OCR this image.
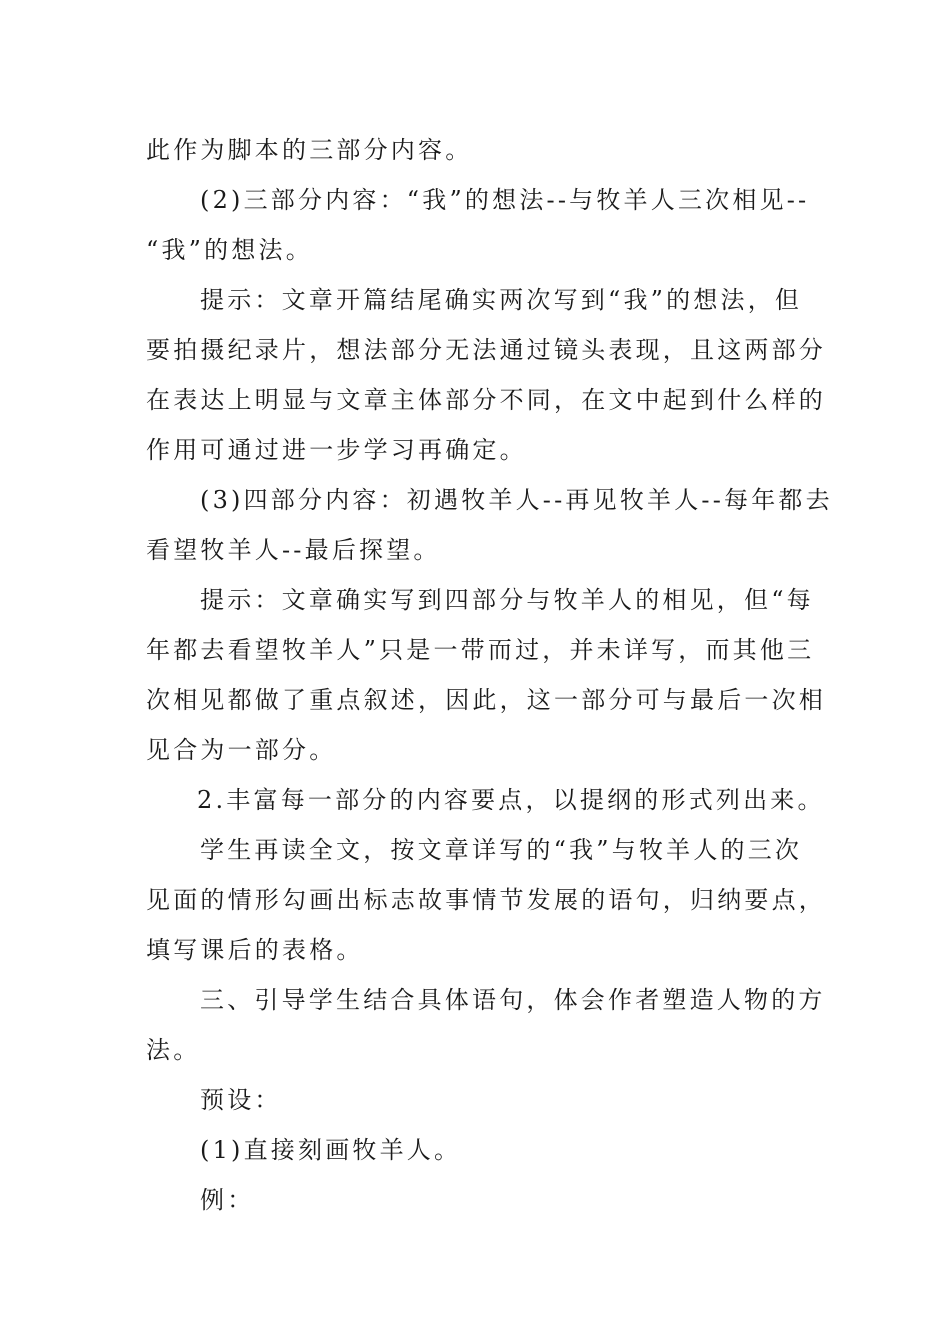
此作为脚本的三部分内容。
(2)三部分内容：“我”的想法--与牧羊人三次相见--
“我”的想法。
提示：文章开篇结尾确实两次写到“我”的想法，但
要拍摄纪录片，想法部分无法通过镜头表现，且这两部分
在表达上明显与文章主体部分不同，在文中起到什么样的
作用可通过进一步学习再确定。
(3)四部分内容：初遇牧羊人--再见牧羊人--每年都去
看望牧羊人--最后探望。
提示：文章确实写到四部分与牧羊人的相见，但“每
年都去看望牧羊人”只是一带而过，并未详写，而其他三
次相见都做了重点叙述，因此，这一部分可与最后一次相
见合为一部分。
2.丰富每一部分的内容要点，以提纲的形式列出来。
学生再读全文，按文章详写的“我”与牧羊人的三次
见面的情形勾画出标志故事情节发展的语句，归纳要点，
填写课后的表格。
三、引导学生结合具体语句，体会作者塑造人物的方
法。
预设：
(1)直接刻画牧羊人。
例：
